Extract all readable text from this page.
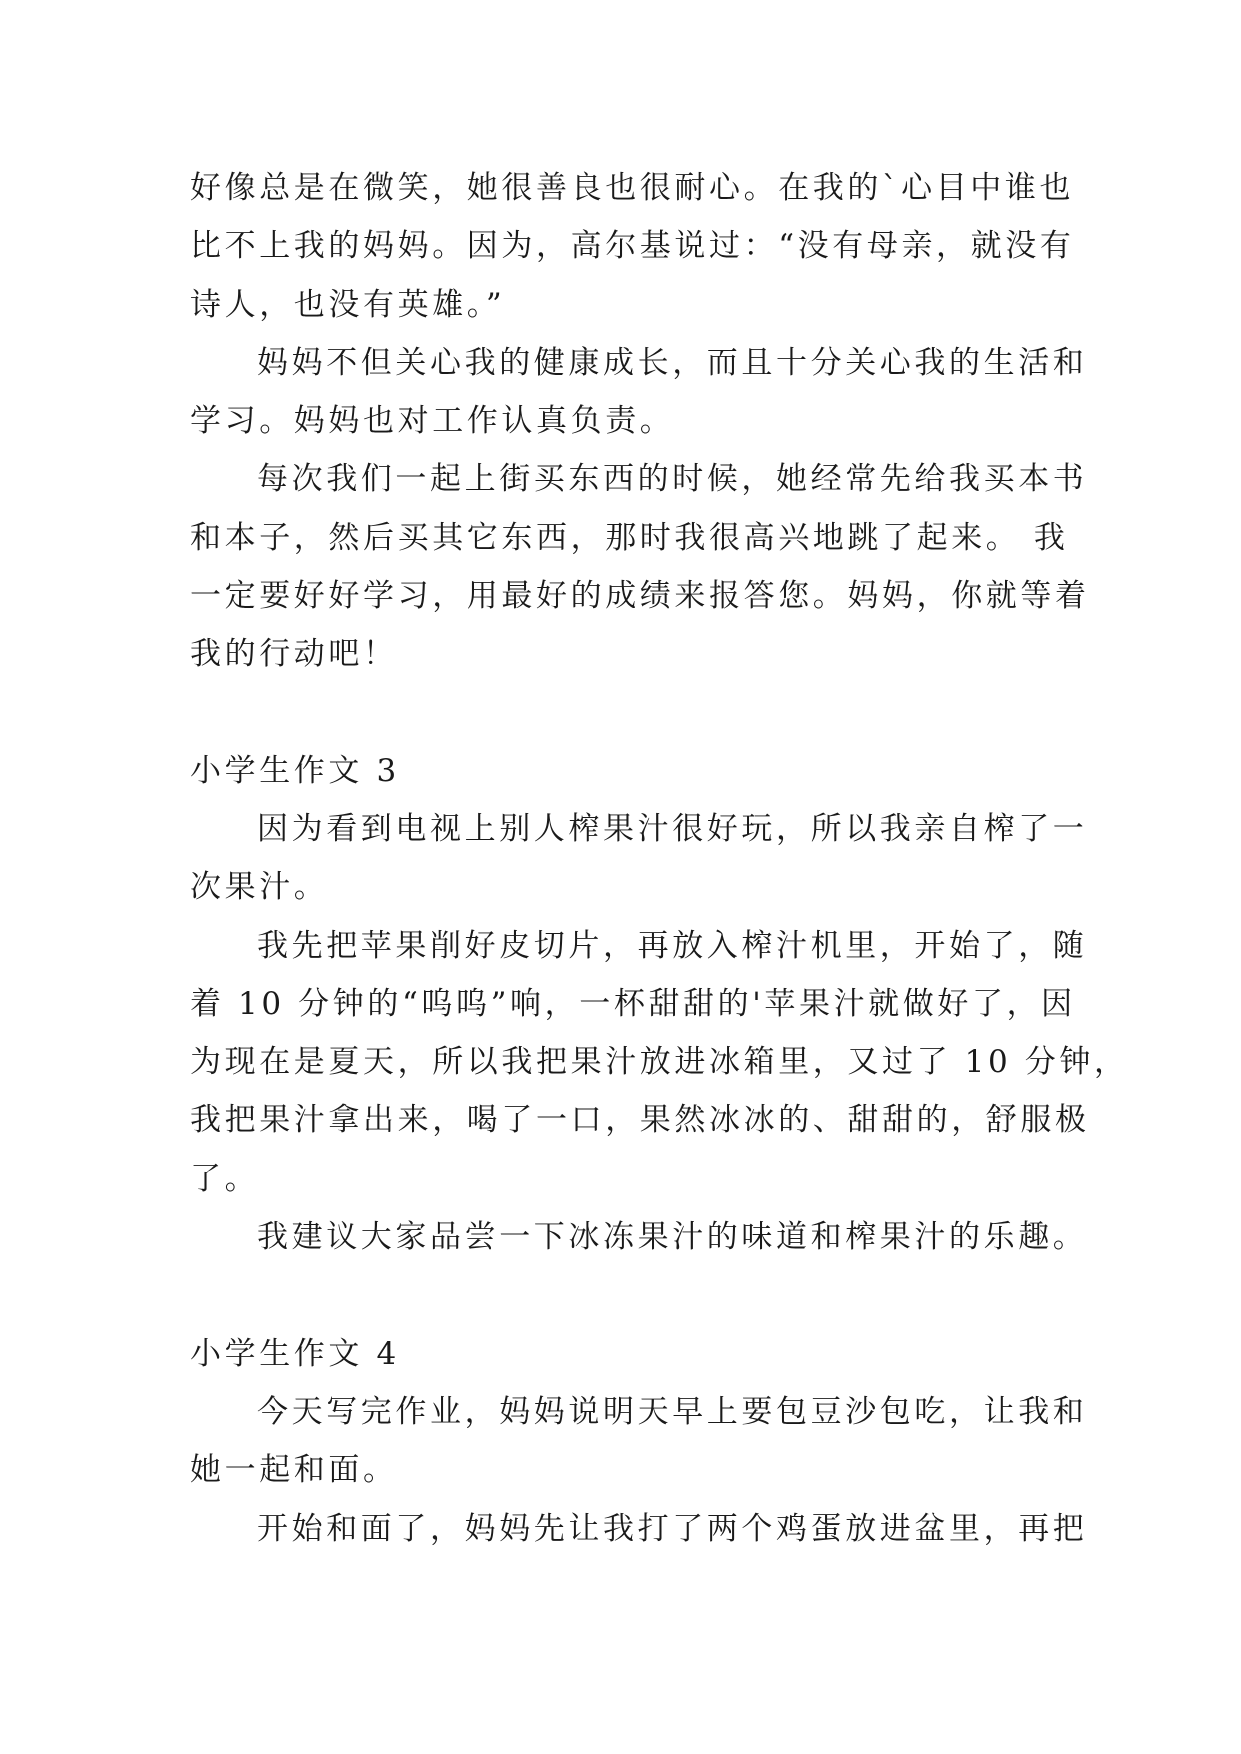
好像总是在微笑，她很善良也很耐心。在我的`心目中谁也
比不上我的妈妈。因为，高尔基说过：“没有母亲，就没有
诗人，也没有英雄。”
妈妈不但关心我的健康成长，而且十分关心我的生活和
学习。妈妈也对工作认真负责。
每次我们一起上街买东西的时候，她经常先给我买本书
和本子，然后买其它东西，那时我很高兴地跳了起来。 我
一定要好好学习，用最好的成绩来报答您。妈妈，你就等着
我的行动吧！
小学生作文 3
因为看到电视上别人榨果汁很好玩，所以我亲自榨了一
次果汁。
我先把苹果削好皮切片，再放入榨汁机里，开始了，随
着 10 分钟的“呜呜”响，一杯甜甜的'苹果汁就做好了，因
为现在是夏天，所以我把果汁放进冰箱里，又过了 10 分钟，
我把果汁拿出来，喝了一口，果然冰冰的、甜甜的，舒服极
了。
我建议大家品尝一下冰冻果汁的味道和榨果汁的乐趣。
小学生作文 4
今天写完作业，妈妈说明天早上要包豆沙包吃，让我和
她一起和面。
开始和面了，妈妈先让我打了两个鸡蛋放进盆里，再把
